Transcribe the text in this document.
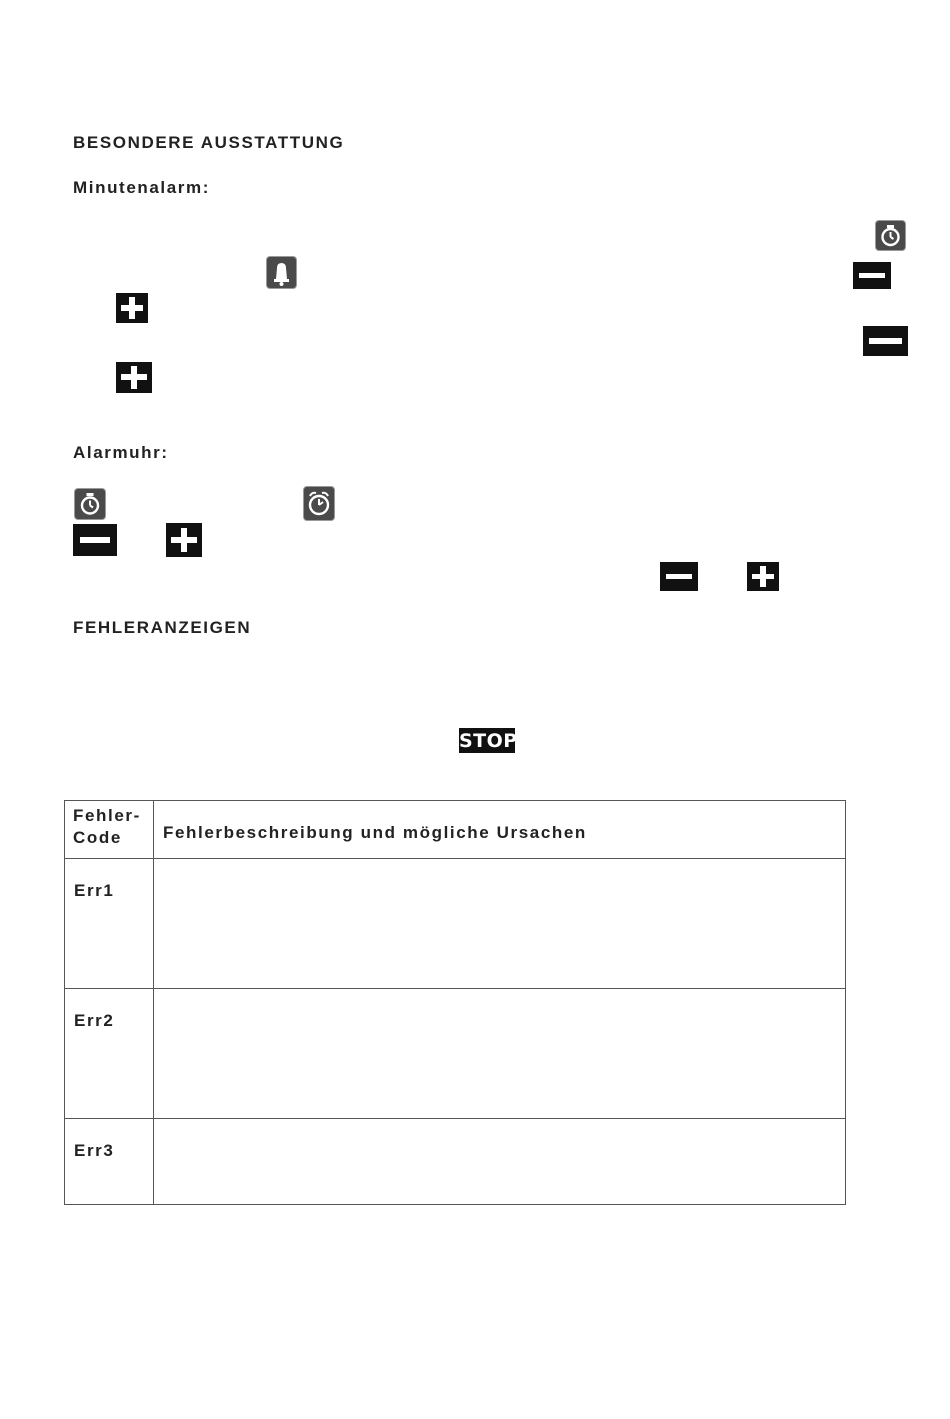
BESONDERE AUSSTATTUNG

Minutenalarm:

Alarmuhr:

FEHLERANZEIGEN

STOP
Fehler-
Code	Fehlerbeschreibung und mögliche Ursachen
Err1	
Err2	
Err3	
